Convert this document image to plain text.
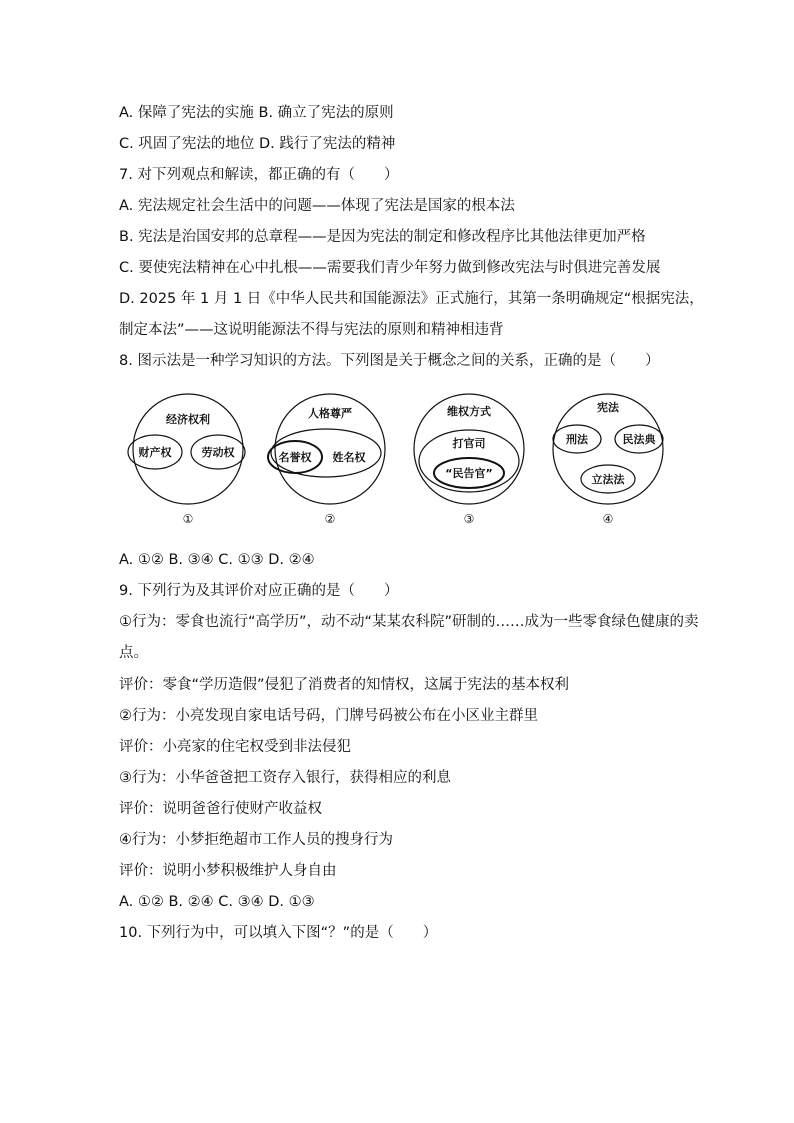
A. 保障了宪法的实施 B. 确立了宪法的原则
C. 巩固了宪法的地位 D. 践行了宪法的精神
7. 对下列观点和解读，都正确的有（　　）
A. 宪法规定社会生活中的问题——体现了宪法是国家的根本法
B. 宪法是治国安邦的总章程——是因为宪法的制定和修改程序比其他法律更加严格
C. 要使宪法精神在心中扎根——需要我们青少年努力做到修改宪法与时俱进完善发展
D. 2025 年 1 月 1 日《中华人民共和国能源法》正式施行，其第一条明确规定“根据宪法，
制定本法”——这说明能源法不得与宪法的原则和精神相违背
8. 图示法是一种学习知识的方法。下列图是关于概念之间的关系，正确的是（　　）
经济权利
财产权	劳动权
①
人格尊严
名誉权 姓名权
②
维权方式
打官司
“民告官”
③
宪法
刑法	民法典
立法法
④
A. ①② B. ③④ C. ①③ D. ②④
9. 下列行为及其评价对应正确的是（　　）
①行为：零食也流行“高学历”，动不动“某某农科院”研制的……成为一些零食绿色健康的卖
点。
评价：零食“学历造假”侵犯了消费者的知情权，这属于宪法的基本权利
②行为：小亮发现自家电话号码，门牌号码被公布在小区业主群里
评价：小亮家的住宅权受到非法侵犯
③行为：小华爸爸把工资存入银行，获得相应的利息
评价：说明爸爸行使财产收益权
④行为：小梦拒绝超市工作人员的搜身行为
评价：说明小梦积极维护人身自由
A. ①② B. ②④ C. ③④ D. ①③
10. 下列行为中，可以填入下图“？”的是（　　）
